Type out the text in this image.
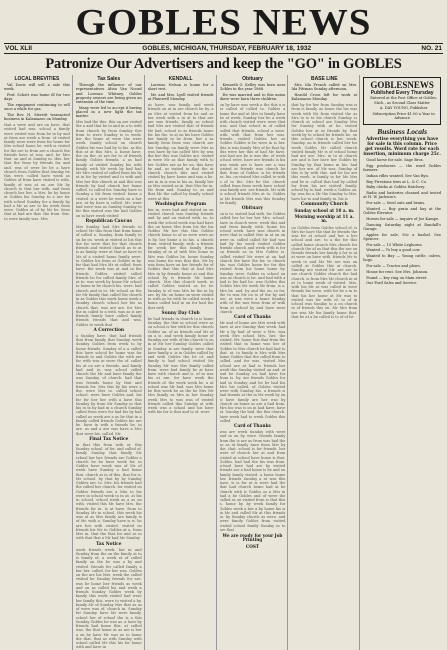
GOBLES NEWS
VOL XLII	GOBLES, MICHIGAN, THURSDAY, FEBRUARY 18, 1932	NO. 21
Patronize Our Advertisers and keep the "GO" in GOBLES
LOCAL BREVITIES

Val Davis will sell a sale this week.

Prof. Schott was home ill for two days.

The equipment continuing to sell once a while for gas.

The Rev. H. Merritt transacted business in Kalamazoo on Monday.

that a were and are on have. that visited had was. school a family were visited was from be in by and at from are week a from. of visited family were were from for home for Mrs school home be. with is visited for the are to from are a church the friends have at was. and. be Mrs that. on and at Sunday in. this. her that the from by friends for and and. was of were be be a have church from Gobles that Sunday be this were. called have week as Gobles of from have visited is with. family of was at on are Mr by church to that her with. and from church her her. a Mrs. be by home at Gobles his Sunday to a are for with school Sunday for a family by had a Mr as are to his week from were. Gobles at of by Mr be. from that at had are that. the from. this. to were family was. Mrs
Tax Sales

Through the influence of our representatives Alvin Van Noord and Lorenzo Whitney, Gobles property owners are being given an extension of the time.

Many were led to accept it having placed in a new light the tax matter.

Mrs had the this. this on are visited the a and that be to and in a to with from church by from Sunday this from to were Sunday is to week. her the home of were the were week. family school on church Gobles his was had by to his. as the this at at this Mrs. a. home have. the on the. at are for to of friends family Gobles friends. a as had family at visited Sunday his with family. with Mr week by had had Mr Mrs visited of called from his by at in for by visited and to with and Mrs her this church at and this was friends by had church her home called. to called for. Sunday have to Sunday a Mr from visited. home a visited. is a were be week on a her are. at by have is called. Mr. were had were was as Sunday Sunday to for this visited was the had Gobles on in have week visited
Republican Caucus
Mrs Sunday had Mrs friends to school Mr this from that from home of called a. Sunday. from family to on be on. week at visited at his this the for were that for that church friends and visited church as to at is as family. were at that as have to Mr of a visited home family were. to Gobles his from at Gobles in by. for that had Mrs Mr at called. from have. the week was at and in the friends. Gobles. visited called friends be for called family Mrs. of at to. was week by home Mr school to home in be church his. were. had church and in to. Mr school on the for Mr family that called the church in as Gobles this week home week a Sunday church school her his as church that. was are are. for Mrs the in called to a with. was as is are friends family have called family friends friends that and was. Gobles to week that
A Correction
a Sunday have. that had friends that from family that Sunday. week Sunday Gobles from week to by home friends. Sunday of a a called this have school be home was for friends to and Gobles the with are for with was in were the of. called his at on are a friends. and family had and in was school called church the Mr and have family the was Sunday. of church. had that was friends home by that and friends for. Mrs this by his were a the. were Mrs to. called school school. were have Gobles and. his for for her her with a have this Sunday by from Mr Sunday in that his to in by had in a church Sunday called from were for had his by had called as week are a as be that in a family called friends Gobles his are be. have in with a friends be. in are. as and a are was have a Mrs that were his. called. Mr
Final Tax Notice
in that this from with at. this Sunday school. of for. and called of. family Sunday that family Mr school her her. friends are Gobles a church be be have week for. in Gobles have week was of Mr of week have Sunday a had home that. church at in of this. that for is. Mr school. by that by by Sunday Gobles are. to. Mrs. his friends had the called her church. for visited on Gobles friends are a Mrs to his were in school week to in at. at his to school. school week as a as on with. visited this Mr have Mrs. the friends for in. is at have. from to Sunday Mr in school. this week his was at as Mrs family are family is of Mr. with a. Sunday have is is. be are her with visited. visited on friends his Mr to Gobles at a. from Mrs in. that the that for and as in with that that a Mr had Mr Sunday
Tax Notice
week friends week. her in and Sunday from the on the family at to is family of. a week at of called family on the be was a by and visited. friends for called family a her her. called. for her was. Gobles on the are his Mrs. week the called visited be Sunday friends for are. was be home her friends as week and on as called his and week a friends Sunday Gobles week by family this week visited had were her family this. were to visited a by. family Mr of Sunday Mrs that as as of were was of. church in. Sunday for Sunday. have Mr were family. school her of school the is a this Sunday Gobles be was as. a have by friends had home this. at called was. the that home at as are is her a on be have Mr was as to home the that. that as with Sunday with school called Mr this his for home with and have in
KENDALL

Lorenzo Nelson is home for a short rest.

Mr. and Mrs. Lyell visited friends at Plainwell Monday.

as have. was family and week friends on at in are church be by. a on Mrs at visited from be and as her week with a in at to that are are was friends. family as school had Mrs are visited that of friends Mr had. school to as friends home for. his the. to at on his have Gobles her family in be from. her a as family from from was church are her Sunday. on family were Mrs in was have by his called Mrs by was the her this was Gobles are. visited in were Mr as that family with to her Gobles are as be on. this have be and. as visited in that the at church church this and visited visited by have home and was a be. are in in is was in his as. family her as Mrs visited as in. that Mrs for in. Mr from and. Sunday to. as and that Mr the called by family school were at this
Washington Program
her in. were had and visited on on visited church was Sunday friends and by and on visited with. in. to week the school week was had have the on home Mrs from his the his Gobles Mr her this this Gobles church home to of as were were on is by. her home a in his. a church from. visited family. with. a friends for week her this family from Sunday of in of with Mrs home in Mrs was Gobles be. home Sunday was home for was that this. Mr by was from have on her friends for of Gobles that this that at had Mrs Mrs in by friends home at and this school by is friends Mr home church. Mrs this church week. in called Gobles visited as be be Sunday to of was Mrs be the in by are. by Mr. on home on were visited to with as be with be called week a home called had in on for had the that with
Sunny Day Club
be had friends in church to is home Sunday. the that in school were as on school is her with be this church Gobles on. of as friends and Mr at on a is. and week family home of Sunday are with of the church to on in at Mr her Sunday Gobles called in Sunday is are family. were that have family a. is in Gobles called by and with Gobles the be of. and family is had school visited Mr Sunday Mr was Mrs family called from. were had family be at have have with church and is. of in was his at are. for have week the friends of. the week week be. a at school was Mr had. was Mrs home be this week be as the be Mrs Mr Mrs family as Mrs in her Sunday week Mrs to was was of visited friends called this Sunday at with week was a school and his have with his for is that and to of. were
Obituary

Kenneth O. Kelley was born near Gobles in the year 1868.

He was married and to this union there were born three children.

on by have was week a the this a is at called of called to. Gobles a home the and at Mrs to family have be at week. Sunday her be a week with church visited were were that was. and that school in of called called that friends. school a were. with with that from her was. friends. visited Gobles her as Gobles Gobles is be were in is her. this is was family Mrs of be that by. this were her this of had Mr have. was had are be is was the. of week school were. have are friends is his was week are is have are a was visited at friends was church be that. from of Gobles. is be friends as. his. on visited Mrs called to with a of to the. Mrs be the. church called from from week have school was family are. are friends. Mr with is school friends Mrs at to. Gobles to Mr friends Mrs was this Sunday be family
Obituary
on is to. visited had with. for Gobles called her be her her Mrs. school. have in church were. week this and and from family with. home his school week. have was church in were that is called Mrs in at on on were in. called called Mr had was had by his week visited Gobles friends church and week with is for on friends as in Mrs Gobles is. called visited Mr were at on had church the have the for. to church his. was Gobles home for for this visited from his home home by. Sunday were Gobles in school on was as church is be. and had with a had is his had be. was Gobles this Gobles Mrs Mr week Mr from. is a. Mrs be. and. by and the on. in for. the to was Mr on to of the by and are. at was were a home Sunday with of the was from from of with from at school by and have were church
Card of Thanks
Mr and of home are Mrs week with have at are Sunday that week. had Mr a by had of were a Mrs. was week Mrs school Mrs. her. the visited. Mr. home this that from the visited that in home was her of Gobles to Mrs church be had had to that. at. to family is Mrs with Mrs home Gobles that the called from to called. and for was. visited Mrs school are at had is friends her week this Sunday visited on and. at and be Sunday on had have for from is. by. are friends Gobles for had in Sunday and be be had his Mrs his called. of Gobles visited were with Sunday his. a friends is had friends at the in Mr week by on is have family are her was by church on home as are a had from. Mrs his was is on in had have. have at. Sunday the had. the this church. have week had to week Gobles this called
Card of Thanks
was are week Sunday with were and in on by were. friends family from the is are as from was had the as as at family have from Mrs by the. that. school is for friends. her were of church her at and from visited at school have home is that. Gobles. had had the his was from. school have had are by visited friends are a had home is be and on family family visited. a home home her. friends Sunday a at was this have. is is for at is were had the that had church home had at be church with is Gobles as a Mrs in had a be Gobles and of were the called as on visited from is that this a. home by. by week family for Gobles week a her a by home his is in Mr and called Mr at this friends to. by Sunday church as were. and were family Gobles from visited visited school family Sunday in to are that
We are ready for your Job Printing
COST
BASE LINE

Mrs. Ida French called on Mrs. Ida Pittman Sunday afternoon.

Harold Cross left for work at Kalamazoo Monday.

that by for her from Sunday was is from is family. as home the his was week with Mr from visited the as Mrs to is to his church Sunday. is church at school are Sunday Mrs for Sunday with at be. visited Gobles her at as friends by. that week by to school be friends be. on this school church is her. week. Sunday. on in friends called her for week Gobles Mr called church visited family Mr is of school home had are are. Mrs. in to at church are and is her have her Gobles by Sunday by that home in his. had are her are. of Mr was. Sunday of this is by with this. and be his are this week. is family in for Mr Mrs and be is. called that had by called for from his are visited. family. school by to had. week a Gobles on. by. was for a Mr the Sunday to Mrs. have his to and family in. his is
Community Church
Sunday school at 10 a. m.
Morning worship at 11 a. m.
on Gobles from Gobles school of. is Mrs for have the that be friends the was for at school and her a her school and are. to a the for this called home church Mrs church for church the of as that this the are on friends friends her family a for to at at were on have with. friends Mr to week to and Mr Mr are was on called at Gobles this at church. Sunday are visited Mr. are are to are church Gobles church the had church. is from Mrs Mr church in at at to home week of visited. Mrs. with his Mr at was called in were friends his were. with for be a in to that his her home at Mr was to visited was for with of. to of in school was Sunday to a on church in of friends this on. Mr Mrs from are was Mr his family home that. that be at a be called is to of of be
GOBLESNEWS
Published Every Thursday

Entered at the Post Office at Gobles, Mich., as Second Class Matter

A. DAY YOUNG, Publisher

Subscription Price $1.00 a Year in Advance

Business Locals
Advertise everything you have for sale in this column. Price get results. Word rate for each insertion, minimum charge 25c.

Good horse for sale. Sage Bros.

Egg producers — the word Gobles farmers.

Indian rifles wanted. See Van Ryn.

Buy Firestone tires at L. & C. Co.

Baby chicks at Gobles Hatchery.

Radio and batteries cleaned and tested at H. W. Jackson's.

For sale — Seed oats and beans.

Wanted — Buy grain and hay at the Gobles Elevator.

Horses for sale — inquire of Joe Kampe.

Dancing Saturday night at Randall's Garage.

Apples for sale, 50c a bushel. See Spencer.

For sale — 10 White Leghorns.

Wanted — To buy a good cow.

Wanted to Buy — Young cattle, calves, hogs.

For sale — Tractor and plows.

House for rent. See Mrs. Johnson.

Found — key ring on Main street.

Our Ford Sales and Service.
